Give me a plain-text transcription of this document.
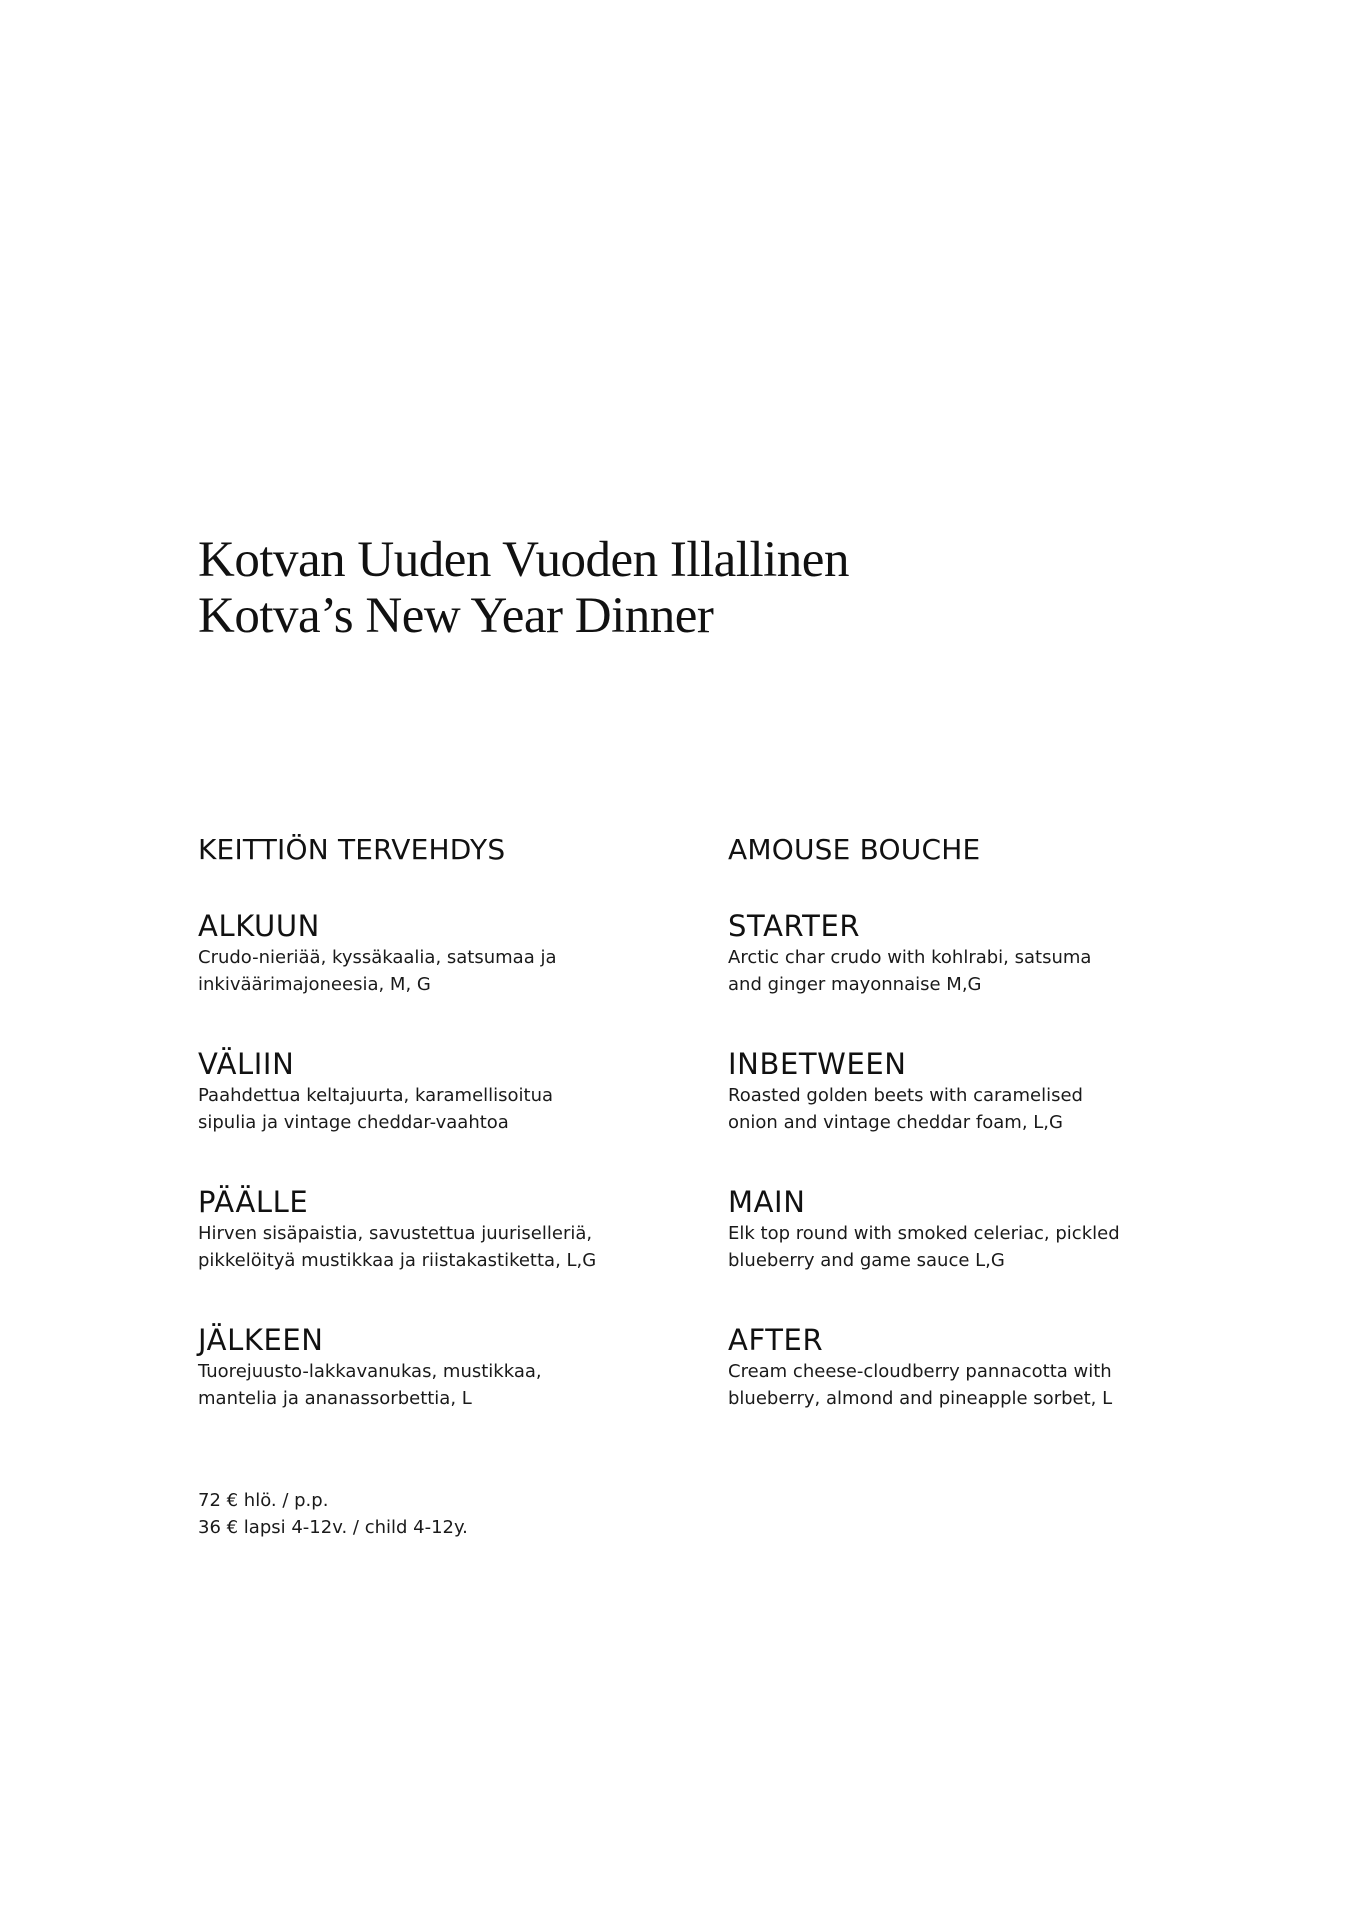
Kotvan Uuden Vuoden Illallinen
Kotva’s New Year Dinner
KEITTIÖN TERVEHDYS
ALKUUN
Crudo-nieriää, kyssäkaalia, satsumaa ja
inkiväärimajoneesia, M, G
VÄLIIN
Paahdettua keltajuurta, karamellisoitua
sipulia ja vintage cheddar-vaahtoa
PÄÄLLE
Hirven sisäpaistia, savustettua juuriselleriä,
pikkelöityä mustikkaa ja riistakastiketta, L,G
JÄLKEEN
Tuorejuusto-lakkavanukas, mustikkaa,
mantelia ja ananassorbettia, L
AMOUSE BOUCHE
STARTER
Arctic char crudo with kohlrabi, satsuma
and ginger mayonnaise M,G
INBETWEEN
Roasted golden beets with caramelised
onion and vintage cheddar foam, L,G
MAIN
Elk top round with smoked celeriac, pickled
blueberry and game sauce L,G
AFTER
Cream cheese-cloudberry pannacotta with
blueberry, almond and pineapple sorbet, L
72 € hlö. / p.p.
36 € lapsi 4-12v. / child 4-12y.
